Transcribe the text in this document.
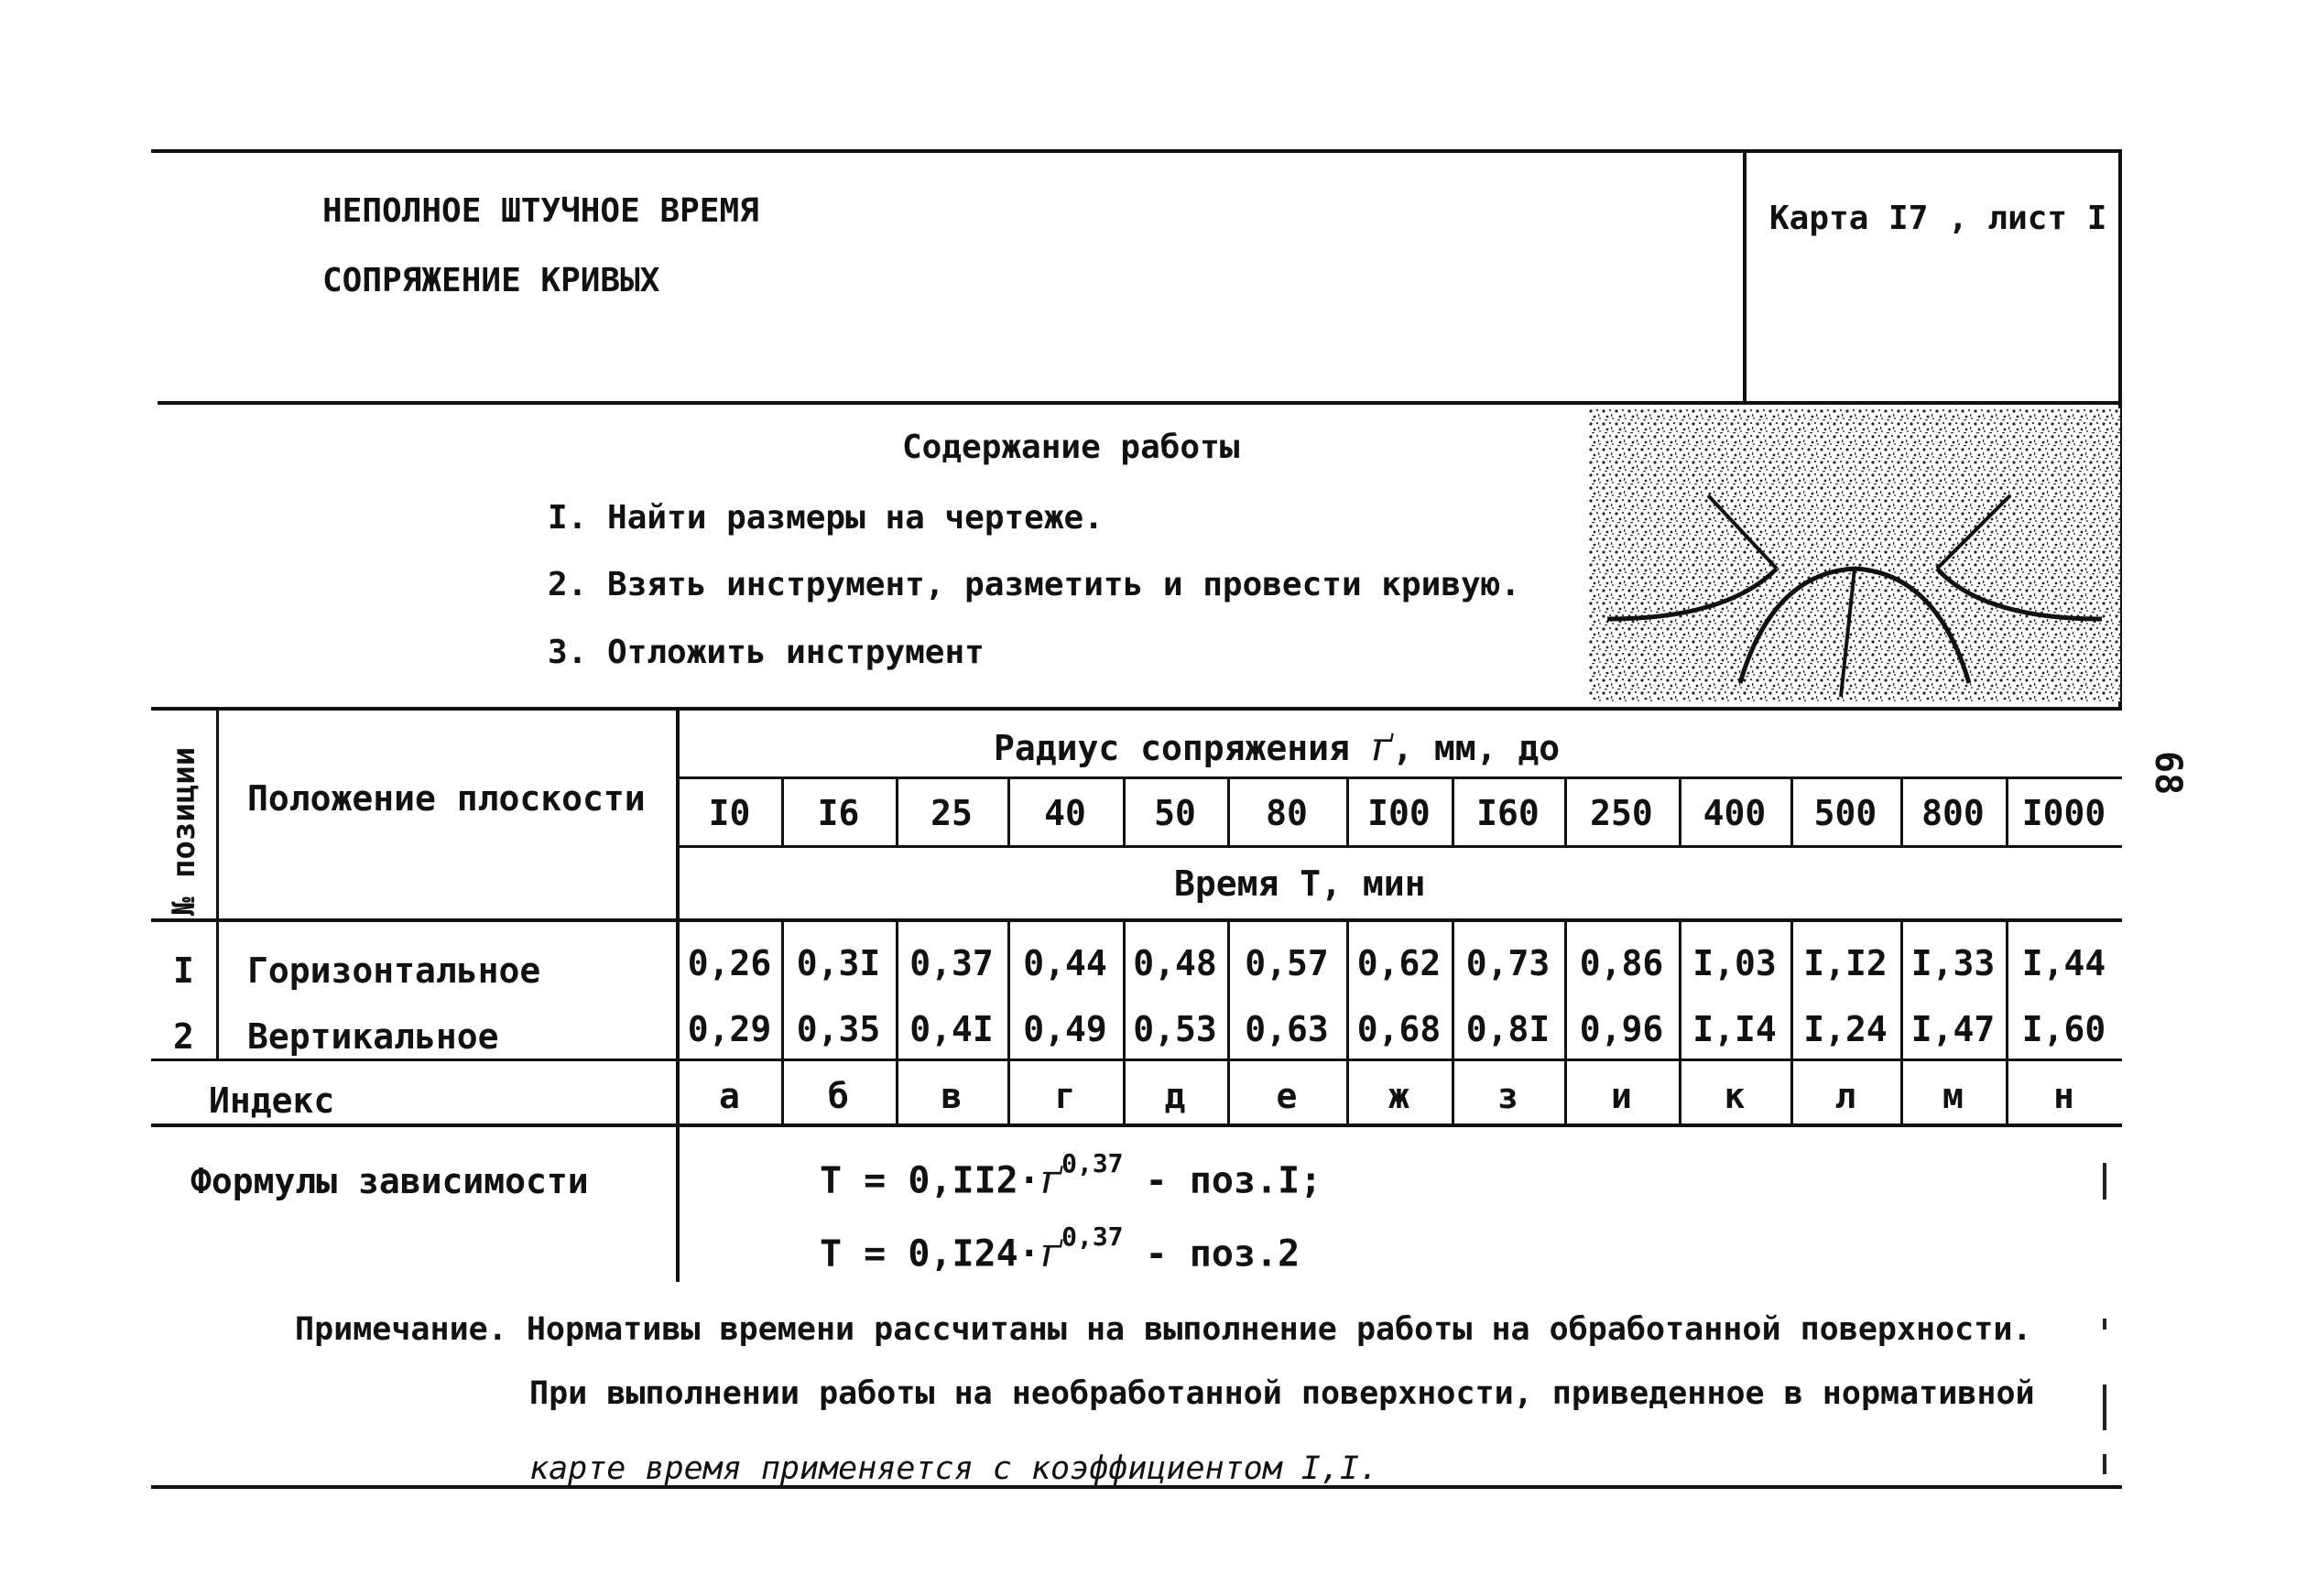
НЕПОЛНОЕ ШТУЧНОЕ ВРЕМЯ
СОПРЯЖЕНИЕ КРИВЫХ
Карта I7 , лист I
Содержание работы
I. Найти размеры на чертеже.
2. Взять инструмент, разметить и провести кривую.
3. Отложить инструмент
№ позиции Положение плоскости
Радиус сопряжения ґ, мм, до
Время Т, мин
I0	I6	25	40	50	80	I00	I60	250	400	500	800	I000
I	Горизонтальное	0,26 0,3I 0,37 0,44 0,48 0,57 0,62 0,73 0,86 I,03 I,I2 I,33 I,44
2	Вертикальное	0,29 0,35 0,4I 0,49 0,53 0,63 0,68 0,8I 0,96 I,I4 I,24 I,47 I,60
Индекс	а	б	в	г	д	е	ж	з	и	к	л	м	н
Формулы зависимости	$Т = 0,II2\cdot ґ^{0,37} - поз.I$;
$Т = 0,I24\cdot ґ^{0,37} - поз.2$
Примечание. Нормативы времени рассчитаны на выполнение работы на обработанной поверхности.
При выполнении работы на необработанной поверхности, приведенное в нормативной
карте время применяется с коэффициентом I,I.
68
